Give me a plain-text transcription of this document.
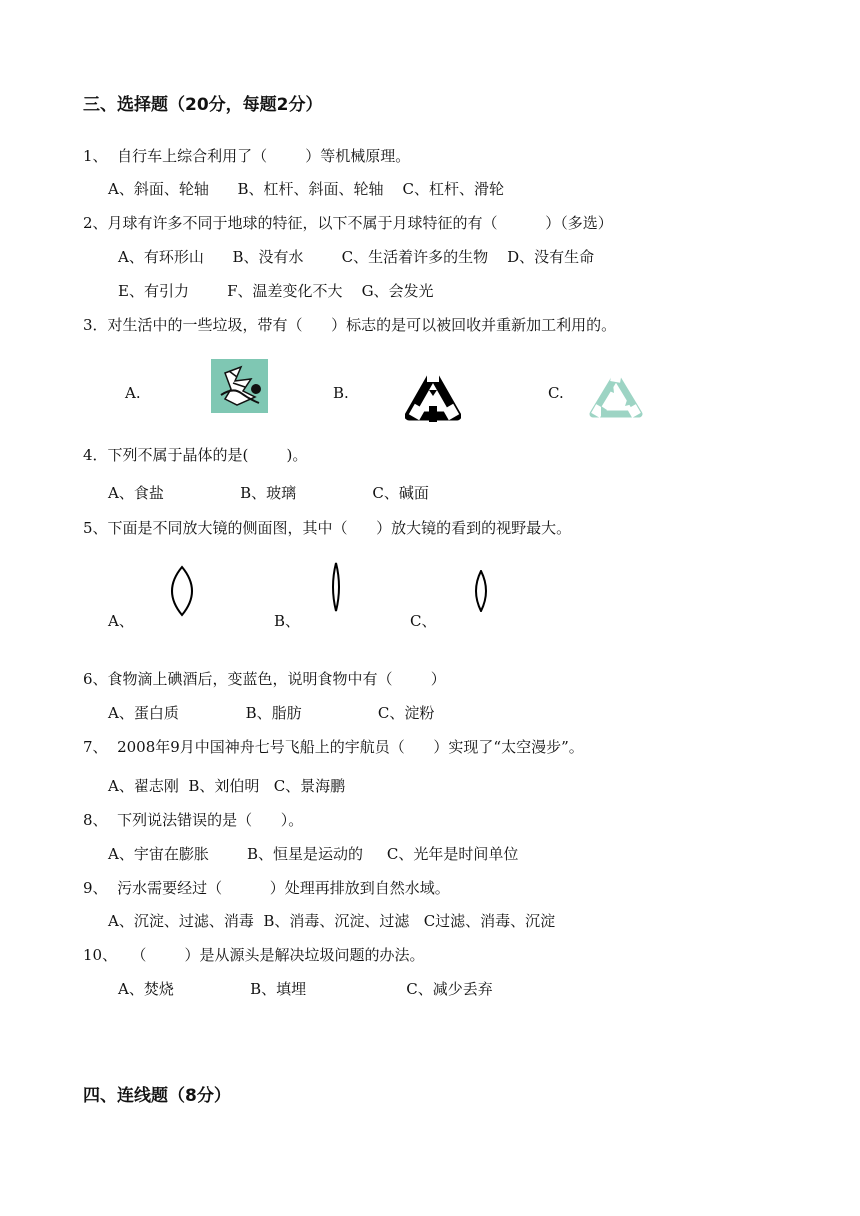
三、选择题（20分，每题2分）
1、  自行车上综合利用了（        ）等机械原理。
A、斜面、轮轴      B、杠杆、斜面、轮轴    C、杠杆、滑轮
2、月球有许多不同于地球的特征，以下不属于月球特征的有（          ）（多选）
A、有环形山      B、没有水        C、生活着许多的生物    D、没有生命
E、有引力        F、温差变化不大    G、会发光
3．对生活中的一些垃圾，带有（      ）标志的是可以被回收并重新加工利用的。
A.	B.	C.
4．下列不属于晶体的是(        )。
A、食盐                B、玻璃                C、碱面
5、下面是不同放大镜的侧面图，其中（      ）放大镜的看到的视野最大。
A、	B、	C、
6、食物滴上碘酒后，变蓝色，说明食物中有（        ）
A、蛋白质              B、脂肪                C、淀粉
7、  2008年9月中国神舟七号飞船上的宇航员（      ）实现了“太空漫步”。
A、翟志刚  B、刘伯明   C、景海鹏
8、  下列说法错误的是（      ）。
A、宇宙在膨胀        B、恒星是运动的     C、光年是时间单位
9、  污水需要经过（          ）处理再排放到自然水域。
A、沉淀、过滤、消毒  B、消毒、沉淀、过滤   C过滤、消毒、沉淀
10、   （        ）是从源头是解决垃圾问题的办法。
A、焚烧                B、填埋                     C、减少丢弃
四、连线题（8分）
